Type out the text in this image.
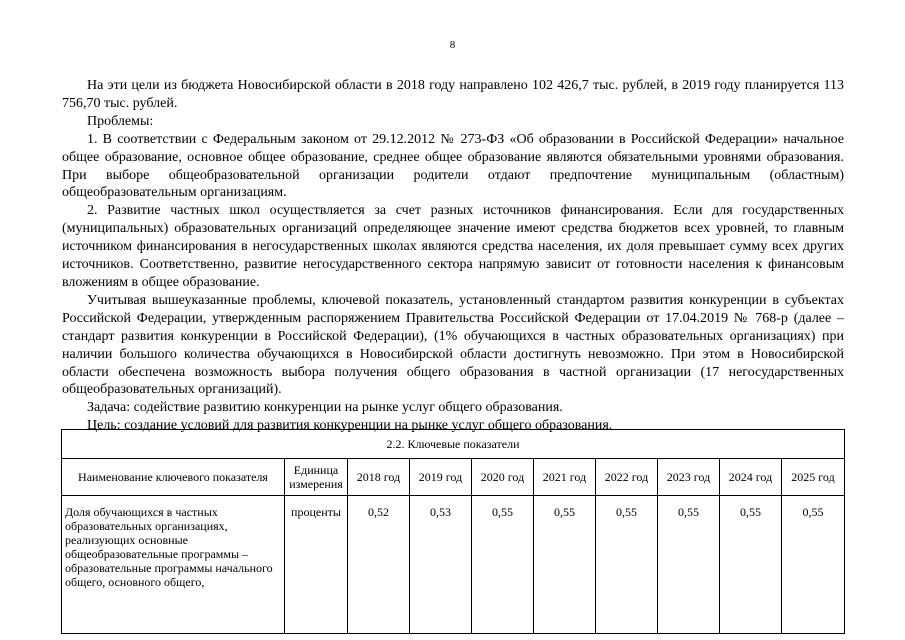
8

На эти цели из бюджета Новосибирской области в 2018 году направлено 102 426,7 тыс. рублей, в 2019 году планируется 113 756,70 тыс. рублей.

Проблемы:

1. В соответствии с Федеральным законом от 29.12.2012 № 273-ФЗ «Об образовании в Российской Федерации» начальное общее образование, основное общее образование, среднее общее образование являются обязательными уровнями образования. При выборе общеобразовательной организации родители отдают предпочтение муниципальным (областным) общеобразовательным организациям.

2. Развитие частных школ осуществляется за счет разных источников финансирования. Если для государственных (муниципальных) образовательных организаций определяющее значение имеют средства бюджетов всех уровней, то главным источником финансирования в негосударственных школах являются средства населения, их доля превышает сумму всех других источников. Соответственно, развитие негосударственного сектора напрямую зависит от готовности населения к финансовым вложениям в общее образование.

Учитывая вышеуказанные проблемы, ключевой показатель, установленный стандартом развития конкуренции в субъектах Российской Федерации, утвержденным распоряжением Правительства Российской Федерации от 17.04.2019 № 768-р (далее – стандарт развития конкуренции в Российской Федерации), (1% обучающихся в частных образовательных организациях) при наличии большого количества обучающихся в Новосибирской области достигнуть невозможно. При этом в Новосибирской области обеспечена возможность выбора получения общего образования в частной организации (17 негосударственных общеобразовательных организаций).

Задача: содействие развитию конкуренции на рынке услуг общего образования.

Цель: создание условий для развития конкуренции на рынке услуг общего образования.

2.2. Ключевые показатели									
Наименование ключевого показателя	Единица измерения	2018 год	2019 год	2020 год	2021 год	2022 год	2023 год	2024 год	2025 год
Доля обучающихся в частных образовательных организациях, реализующих основные общеобразовательные программы – образовательные программы начального общего, основного общего,	проценты	0,52	0,53	0,55	0,55	0,55	0,55	0,55	0,55
